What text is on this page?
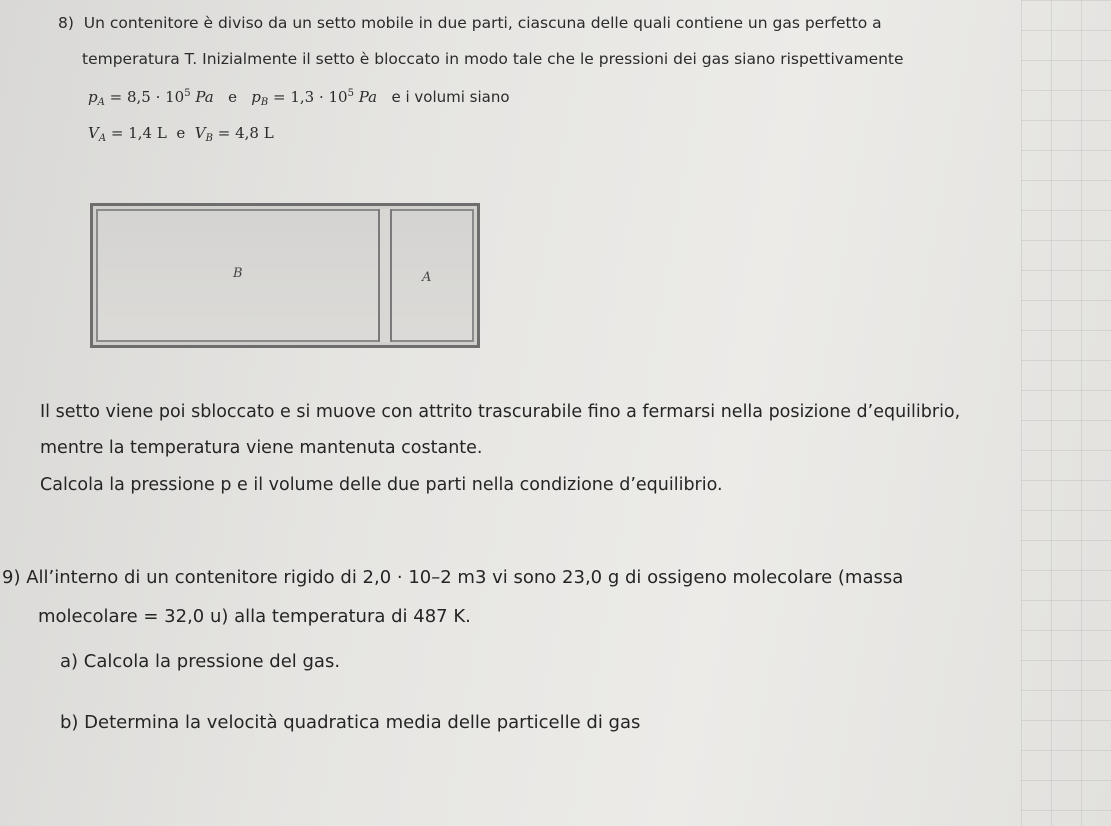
8) Un contenitore è diviso da un setto mobile in due parti, ciascuna delle quali contiene un gas perfetto a
temperatura T. Inizialmente il setto è bloccato in modo tale che le pressioni dei gas siano rispettivamente
$p_A = 8,5 \cdot 10^5$ Pa e $p_B = 1,3 \cdot 10^5$ Pa e i volumi siano
$V_A = 1,4$ L e $V_B = 4,8$ L
B	A
Il setto viene poi sbloccato e si muove con attrito trascurabile fino a fermarsi nella posizione d’equilibrio,
mentre la temperatura viene mantenuta costante.
Calcola la pressione p e il volume delle due parti nella condizione d’equilibrio.
9) All’interno di un contenitore rigido di 2,0 · 10–2 m3 vi sono 23,0 g di ossigeno molecolare (massa
molecolare = 32,0 u) alla temperatura di 487 K.
a) Calcola la pressione del gas.
b) Determina la velocità quadratica media delle particelle di gas
